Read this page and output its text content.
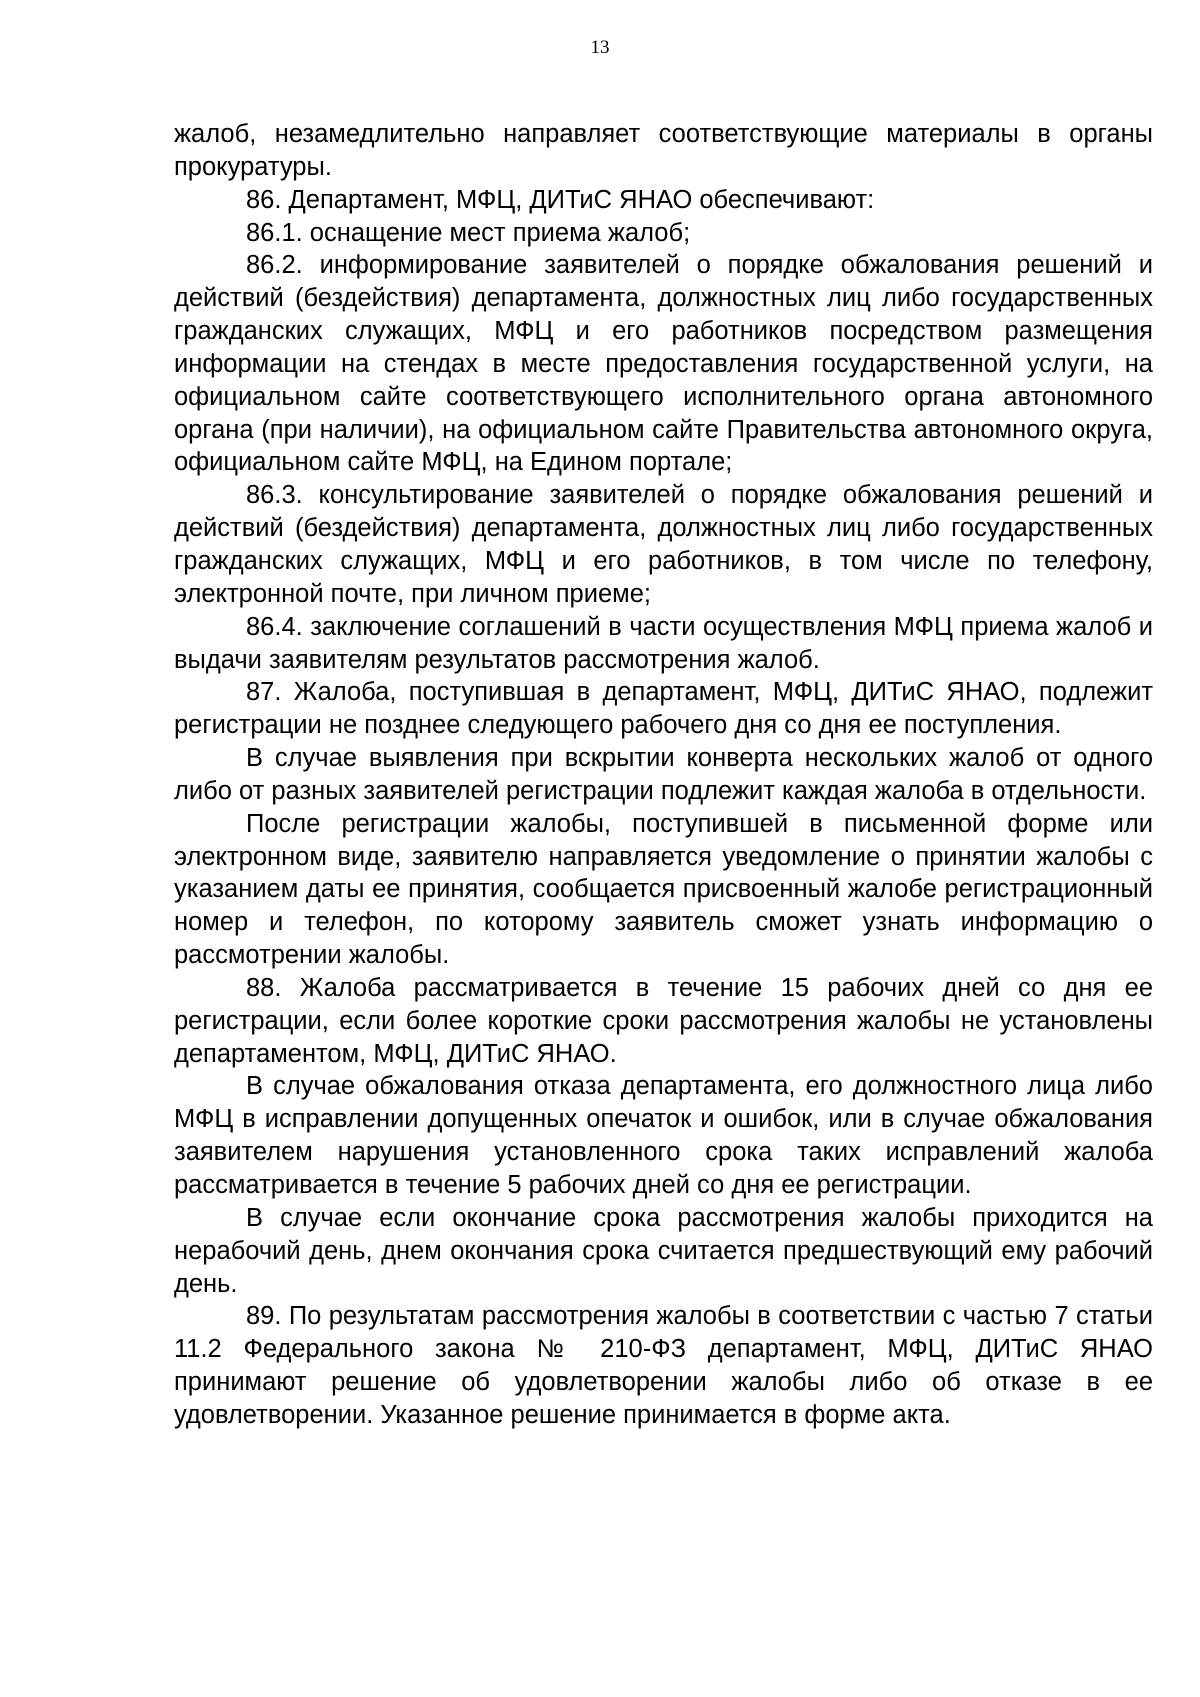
13

жалоб, незамедлительно направляет соответствующие материалы в органы прокуратуры.

86. Департамент, МФЦ, ДИТиС ЯНАО обеспечивают:

86.1. оснащение мест приема жалоб;

86.2. информирование заявителей о порядке обжалования решений и действий (бездействия) департамента, должностных лиц либо государственных гражданских служащих, МФЦ и его работников посредством размещения информации на стендах в месте предоставления государственной услуги, на официальном сайте соответствующего исполнительного органа автономного органа (при наличии), на официальном сайте Правительства автономного округа, официальном сайте МФЦ, на Едином портале;

86.3. консультирование заявителей о порядке обжалования решений и действий (бездействия) департамента, должностных лиц либо государственных гражданских служащих, МФЦ и его работников, в том числе по телефону, электронной почте, при личном приеме;

86.4. заключение соглашений в части осуществления МФЦ приема жалоб и выдачи заявителям результатов рассмотрения жалоб.

87. Жалоба, поступившая в департамент, МФЦ, ДИТиС ЯНАО, подлежит регистрации не позднее следующего рабочего дня со дня ее поступления.

В случае выявления при вскрытии конверта нескольких жалоб от одного либо от разных заявителей регистрации подлежит каждая жалоба в отдельности.

После регистрации жалобы, поступившей в письменной форме или электронном виде, заявителю направляется уведомление о принятии жалобы с указанием даты ее принятия, сообщается присвоенный жалобе регистрационный номер и телефон, по которому заявитель сможет узнать информацию о рассмотрении жалобы.

88. Жалоба рассматривается в течение 15 рабочих дней со дня ее регистрации, если более короткие сроки рассмотрения жалобы не установлены департаментом, МФЦ, ДИТиС ЯНАО.

В случае обжалования отказа департамента, его должностного лица либо МФЦ в исправлении допущенных опечаток и ошибок, или в случае обжалования заявителем нарушения установленного срока таких исправлений жалоба рассматривается в течение 5 рабочих дней со дня ее регистрации.

В случае если окончание срока рассмотрения жалобы приходится на нерабочий день, днем окончания срока считается предшествующий ему рабочий день.

89. По результатам рассмотрения жалобы в соответствии с частью 7 статьи 11.2 Федерального закона № 210-ФЗ департамент, МФЦ, ДИТиС ЯНАО принимают решение об удовлетворении жалобы либо об отказе в ее удовлетворении. Указанное решение принимается в форме акта.
